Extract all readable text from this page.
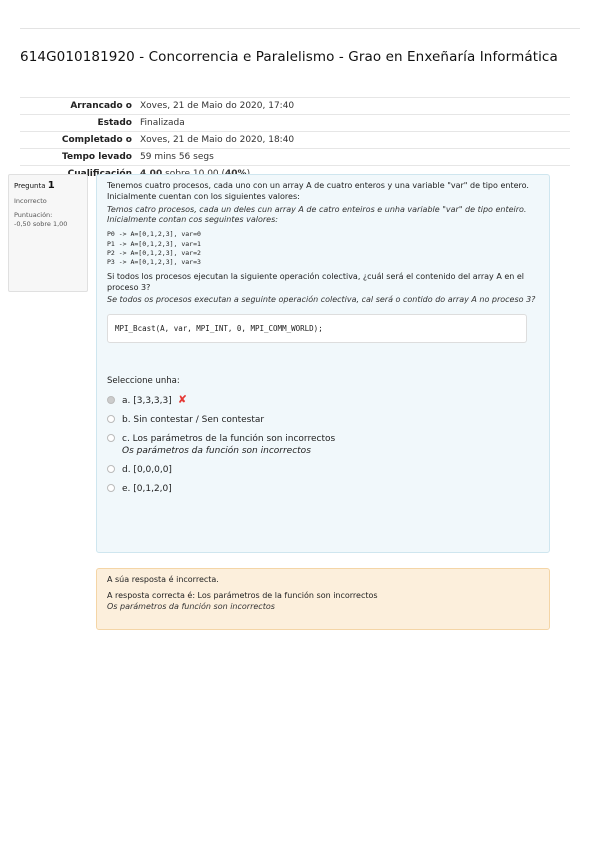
614G010181920 - Concorrencia e Paralelismo - Grao en Enxeñaría Informática
Arrancado o	Xoves, 21 de Maio do 2020, 17:40
Estado	Finalizada
Completado o	Xoves, 21 de Maio do 2020, 18:40
Tempo levado	59 mins 56 segs

Pregunta 1
Incorrecto
Puntuación:
-0,50 sobre 1,00
Tenemos cuatro procesos, cada uno con un array A de cuatro enteros y una variable "var" de tipo entero. Inicialmente cuentan con los siguientes valores:
Temos catro procesos, cada un deles cun array A de catro enteiros e unha variable "var" de tipo enteiro. Inicialmente contan cos seguintes valores:
P0 -> A=[0,1,2,3], var=0
P1 -> A=[0,1,2,3], var=1
P2 -> A=[0,1,2,3], var=2
P3 -> A=[0,1,2,3], var=3
Si todos los procesos ejecutan la siguiente operación colectiva, ¿cuál será el contenido del array A en el proceso 3?
Se todos os procesos executan a seguinte operación colectiva, cal será o contido do array A no proceso 3?
MPI_Bcast(A, var, MPI_INT, 0, MPI_COMM_WORLD);
Seleccione unha:
a. [3,3,3,3] ✘
b. Sin contestar / Sen contestar
c. Los parámetros de la función son incorrectos
Os parámetros da función son incorrectos
d. [0,0,0,0]
e. [0,1,2,0]
A súa resposta é incorrecta.
A resposta correcta é: Los parámetros de la función son incorrectos
Os parámetros da función son incorrectos
